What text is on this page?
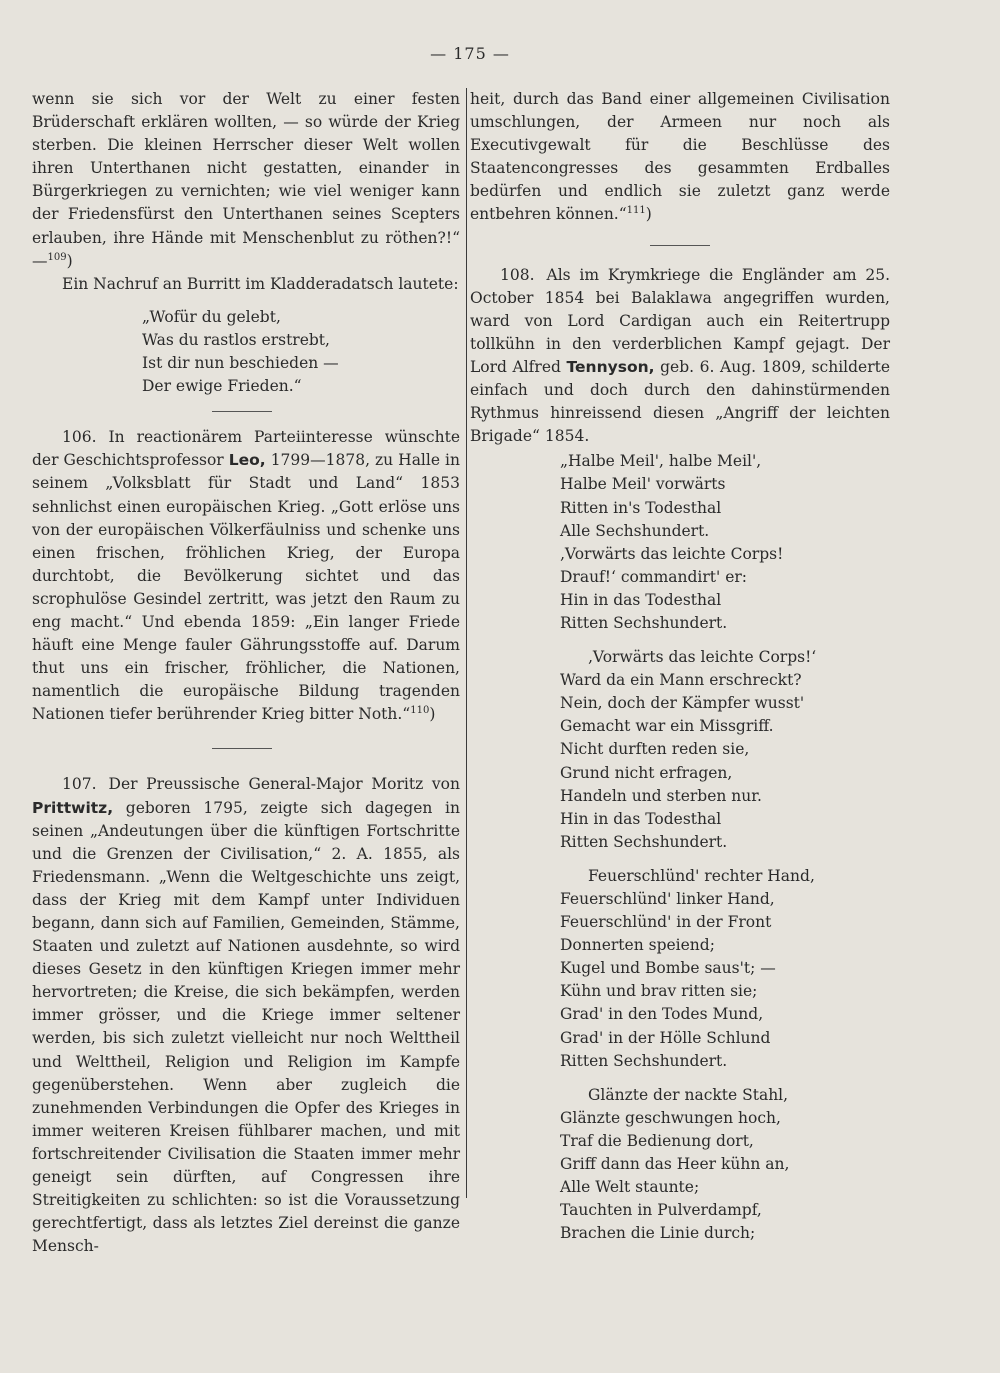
— 175 —

wenn sie sich vor der Welt zu einer festen Brüderschaft erklären wollten, — so würde der Krieg sterben. Die kleinen Herrscher dieser Welt wollen ihren Unterthanen nicht gestatten, einander in Bürgerkriegen zu vernichten; wie viel weniger kann der Friedensfürst den Unterthanen seines Scepters erlauben, ihre Hände mit Menschenblut zu röthen?!“ —$^{109}$)

Ein Nachruf an Burritt im Kladderadatsch lautete:

„Wofür du gelebt,
Was du rastlos erstrebt,
Ist dir nun beschieden —
Der ewige Frieden.“

106. In reactionärem Parteiinteresse wünschte der Geschichtsprofessor Leo, 1799—1878, zu Halle in seinem „Volksblatt für Stadt und Land“ 1853 sehnlichst einen europäischen Krieg. „Gott erlöse uns von der europäischen Völkerfäulniss und schenke uns einen frischen, fröhlichen Krieg, der Europa durchtobt, die Bevölkerung sichtet und das scrophulöse Gesindel zertritt, was jetzt den Raum zu eng macht.“ Und ebenda 1859: „Ein langer Friede häuft eine Menge fauler Gährungsstoffe auf. Darum thut uns ein frischer, fröhlicher, die Nationen, namentlich die europäische Bildung tragenden Nationen tiefer berührender Krieg bitter Noth.“$^{110}$)

107. Der Preussische General-Major Moritz von Prittwitz, geboren 1795, zeigte sich dagegen in seinen „Andeutungen über die künftigen Fortschritte und die Grenzen der Civilisation,“ 2. A. 1855, als Friedensmann. „Wenn die Weltgeschichte uns zeigt, dass der Krieg mit dem Kampf unter Individuen begann, dann sich auf Familien, Gemeinden, Stämme, Staaten und zuletzt auf Nationen ausdehnte, so wird dieses Gesetz in den künftigen Kriegen immer mehr hervortreten; die Kreise, die sich bekämpfen, werden immer grösser, und die Kriege immer seltener werden, bis sich zuletzt vielleicht nur noch Welttheil und Welttheil, Religion und Religion im Kampfe gegenüberstehen. Wenn aber zugleich die zunehmenden Verbindungen die Opfer des Krieges in immer weiteren Kreisen fühlbarer machen, und mit fortschreitender Civilisation die Staaten immer mehr geneigt sein dürften, auf Congressen ihre Streitigkeiten zu schlichten: so ist die Voraussetzung gerechtfertigt, dass als letztes Ziel dereinst die ganze Mensch-

heit, durch das Band einer allgemeinen Civilisation umschlungen, der Armeen nur noch als Executivgewalt für die Beschlüsse des Staatencongresses des gesammten Erdballes bedürfen und endlich sie zuletzt ganz werde entbehren können.“$^{111}$)

108. Als im Krymkriege die Engländer am 25. October 1854 bei Balaklawa angegriffen wurden, ward von Lord Cardigan auch ein Reitertrupp tollkühn in den verderblichen Kampf gejagt. Der Lord Alfred Tennyson, geb. 6. Aug. 1809, schilderte einfach und doch durch den dahinstürmenden Rythmus hinreissend diesen „Angriff der leichten Brigade“ 1854.

„Halbe Meil', halbe Meil',
Halbe Meil' vorwärts
Ritten in's Todesthal
Alle Sechshundert.
‚Vorwärts das leichte Corps!
Drauf!‘ commandirt' er:
Hin in das Todesthal
Ritten Sechshundert.
‚Vorwärts das leichte Corps!‘
Ward da ein Mann erschreckt?
Nein, doch der Kämpfer wusst'
Gemacht war ein Missgriff.
Nicht durften reden sie,
Grund nicht erfragen,
Handeln und sterben nur.
Hin in das Todesthal
Ritten Sechshundert.
Feuerschlünd' rechter Hand,
Feuerschlünd' linker Hand,
Feuerschlünd' in der Front
Donnerten speiend;
Kugel und Bombe saus't; —
Kühn und brav ritten sie;
Grad' in den Todes Mund,
Grad' in der Hölle Schlund
Ritten Sechshundert.
Glänzte der nackte Stahl,
Glänzte geschwungen hoch,
Traf die Bedienung dort,
Griff dann das Heer kühn an,
Alle Welt staunte;
Tauchten in Pulverdampf,
Brachen die Linie durch;
